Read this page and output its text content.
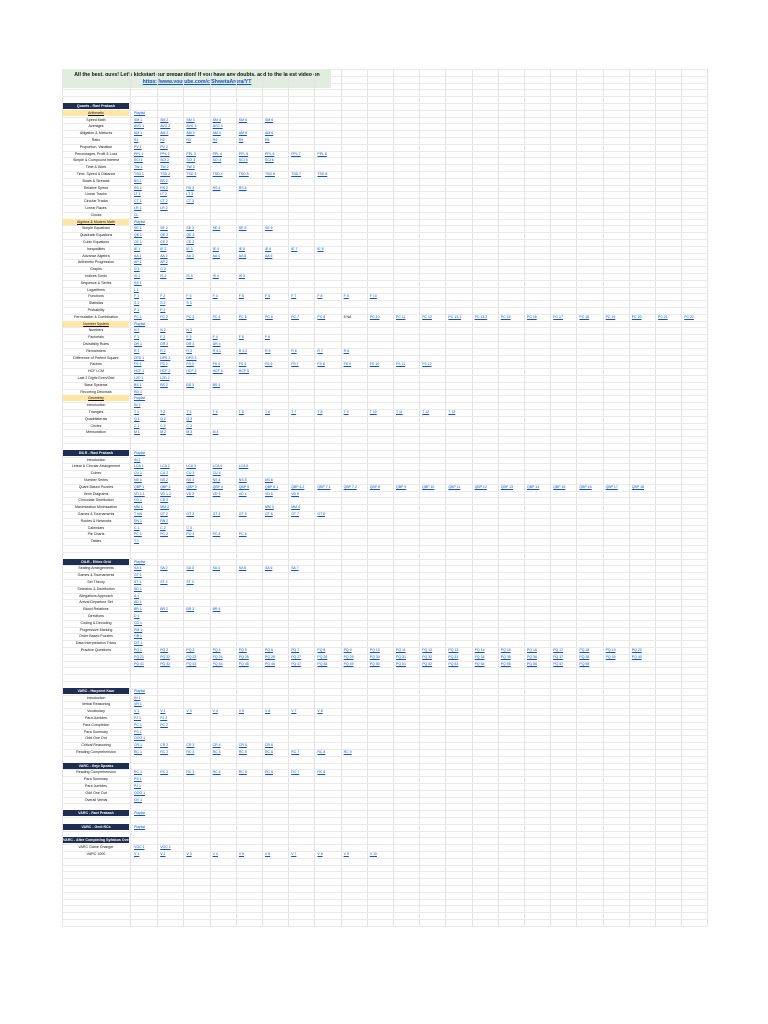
All the best, guys! Let's kickstart our preparation! If you have any doubts, add to the latest video on https://www.youtube.com/c/ShwetaArora/YT
Quants - Ravi Prakash
Arithmetic	Playlist
Speed Math	SM 1	SM 2	SM 3	SM 4	SM 5	SM 6
Averages	AVG 1	AVG 2	AVG 3	AVG 4
Alligation & Mixtures	AM 1	AM 2	AM 3	AM 4	AM 5	AM 6
Ratio	R1	R2	R3	R4	R5	R6
Proportion, Variation	PV 1	PV 2
Percentages, Profit & Loss	PPL 1	PPL 2	PPL 3	PPL 4	PPL 5	PPL 6	PPL 7	PPL 8
Simple & Compound Interest	SCI 1	SCI 2	SCI 3	SCI 4	SCI 5	SCI 6
Time & Work	TW 1	TW 2	TW 3
Time, Speed & Distance	TSD 1	TSD 2	TSD 3	TSD 4	TSD 5	TSD 6	TSD 7	TSD 8
Boats & Streams	BS 1	BS 2
Relative Speed	RS 1	RS 2	RS 3	RS 4	RS 5
Linear Tracks	LT 1	LT 2	LT 3
Circular Tracks	CT 1	CT 2	CT 3
Linear Races	LR 1	LR 2
Clocks	CL
Algebra & Modern Math	Playlist
Simple Equations	SE 1	SE 2	SE 3	SE 4	SE 5	SE 6
Quadratic Equations	QE 1	QE 2	QE 3
Cubic Equations	CE 1	CE 2	CE 3
Inequalities	IE 1	IE 2	IE 3	IE 4	IE 5	IE 6	IE 7	IE 8
Advance Algebra	AA 1	AA 2	AA 3	AA 4	AA 5	AA 6
Arithmetic Progression	AP 1	AP 2
Graphs	G 1	G 2
Indices Surds	IS 1	IS 2	IS 3	IS 4	IS 5
Sequence & Series	SS 1
Logarithms	L 1
Functions	F 1	F 2	F 3	F 4	F 5	F 6	F 7	F 8	F 9	F 10
Statistics	S 1	S 2	S 3
Probability	P 1	P 2
Permutation & Combination	PC 1	PC 2	PC 3	PC 4	PC 5	PC 6	PC 7	PC 8	8 NA	PC 10	PC 11	PC 12	PC 13.1	PC 13.2	PC 15	PC 16	PC 17	PC 18	PC 19	PC 20	PC 21	PC 22
Number System	Playlist
Numbers	N 1	N 2	N 3
Factorials	F 1	F 2	F 3	F 4	F 5	F 6
Divisibility Rules	DR 1	DR 2	DR 3	DR 4
Remainders	R 1	R 2	R 3	R 4.1	R 4.2	R 5	R 6	R 7	R 8
Difference of Perfect Square	DPS 1	DPS 2	DPS 3
Factors	FS 1	FS 2	FS 3	FS 4	FS 5	FS 6	FS 7	FS 8	FS 9	FS 10	FS 11	FS 12
HCF LCM	HCF 1	HCF 2	HCF 3	HCF 4	HCF 5
Last 2 Digits Even/Odd	L2D 1	L2D 2
Base Systems	BS 1	BS 2	BS 3	BS 4
Recurring Decimals	RD 1
Geometry	Playlist
Introduction	IN 1
Triangles	T 1	T 2	T 3	T 4	T 5	T 6	T 7	T 8	T 9	T 10	T 11	T 12	T 13
Quadrilaterals	Q 1	Q 2	Q 3
Circles	C 1	C 2	C 3
Mensuration	M 1	M 2	M 3	M 4
DILR - Ravi Prakash	Playlist
Introduction	IN 1
Linear & Circular Arrangement	LCA 1	LCA 2	LCA 3	LCA 4	LCA 5
Cubes	CU 1	CU 2	CU 3	CU 4
Number Series	NS 1	NS 2	NS 3	NS 4	NS 5	NS 6
Quant Based Puzzles	QBP 1	QBP 2	QBP 3	QBP 4	QBP 5	QBP 6.1	QBP 6.2	QBP 7.1	QBP 7.2	QBP 8	QBP 9	QBP 10	QBP 11	QBP 12	QBP 13	QBP 14	QBP 15	QBP 16	QBP 17	QBP 18
Venn Diagrams	VD 1.1	VD 1.2	VD 2	VD 3	VD 4	VD 5	VD 6
Chocolate Distribution	CD 1	CD 2
Maximization Minimization	MM 1	MM 2	MM 3	MM 4
Games & Tournaments	T NA	GT 2	GT 3	GT 4	GT 5	GT 6	GT 7	GT 8
Routes & Networks	RN 1	RN 2
Calendars	C 1	C 2	C 3
Pie Charts	PC 1	PC 2	PC 3	PC 4	PC 5
Tables	T 1
DILR - Elites Grid	Playlist
Seating Arrangements	SA 1	SA 2	SA 3	SA 4	SA 5	SA 6	SA 7
Games & Tournaments	GT 1
Set Theory	ST 1	ST 2	ST 3
Selection & Distribution	SD 1
Allegations Approach	A 1
Arrival Departure Set	AD 1
Blood Relations	BR 1	BR 2	BR 3	BR 4
Directions	D 1
Coding & Decoding	CD 1
Progressive Marking	PM 1
Order Based Puzzles	OB 1
Data Interpretation Tricks	DIT 1
Practice Questions	PQ 1	PQ 2	PQ 3	PQ 4	PQ 5	PQ 6	PQ 7	PQ 8	PQ 9	PQ 10	PQ 11	PQ 12	PQ 13	PQ 14	PQ 15	PQ 16	PQ 17	PQ 18	PQ 19	PQ 20
PQ 21	PQ 22	PQ 23	PQ 24	PQ 25	PQ 26	PQ 27	PQ 28	PQ 29	PQ 30	PQ 31	PQ 32	PQ 33	PQ 34	PQ 35	PQ 36	PQ 37	PQ 38	PQ 39	PQ 40
PQ 41	PQ 42	PQ 43	PQ 44	PQ 45	PQ 46	PQ 47	PQ 48	PQ 49	PQ 50	PQ 51	PQ 52	PQ 53	PQ 54	PQ 55	PQ 56	PQ 57	PQ 58
VARC - Harpreet Kaur	Playlist
Introduction	IN 1
Verbal Reasoning	VR 1
Vocabulary	V 1	V 2	V 3	V 4	V 5	V 6	V 7	V 8
Para Jumbles	PJ 1	PJ 2
Para Completion	PC 1	PC 2
Para Summary	PS 1
Odd One Out	OOO 1
Critical Reasoning	CR 1	CR 2	CR 3	CR 4	CR 5	CR 6
Reading Comprehension	RC 1	RC 2	RC 3	RC 4	RC 5	RC 6	RC 7	RC 8	RC 9
VARC - Gejo Speaks
Reading Comprehension	RC 1	RC 2	RC 3	RC 4	RC 5	RC 6	RC 7	RC 8
Para Summary	PS 1
Para Jumbles	PJ 1
Odd One Out	OOO 1
Overall Verbal	OV 1
VARC - Ravi Prakash	Playlist
VARC - Gedi RCs	Playlist
VARC - After Completing Syllabus Overview
VARC Game Changer	VGC 1	VGC 2
VARC 1000	V 1	V 2	V 3	V 4	V 5	V 6	V 7	V 8	V 9	V 10
